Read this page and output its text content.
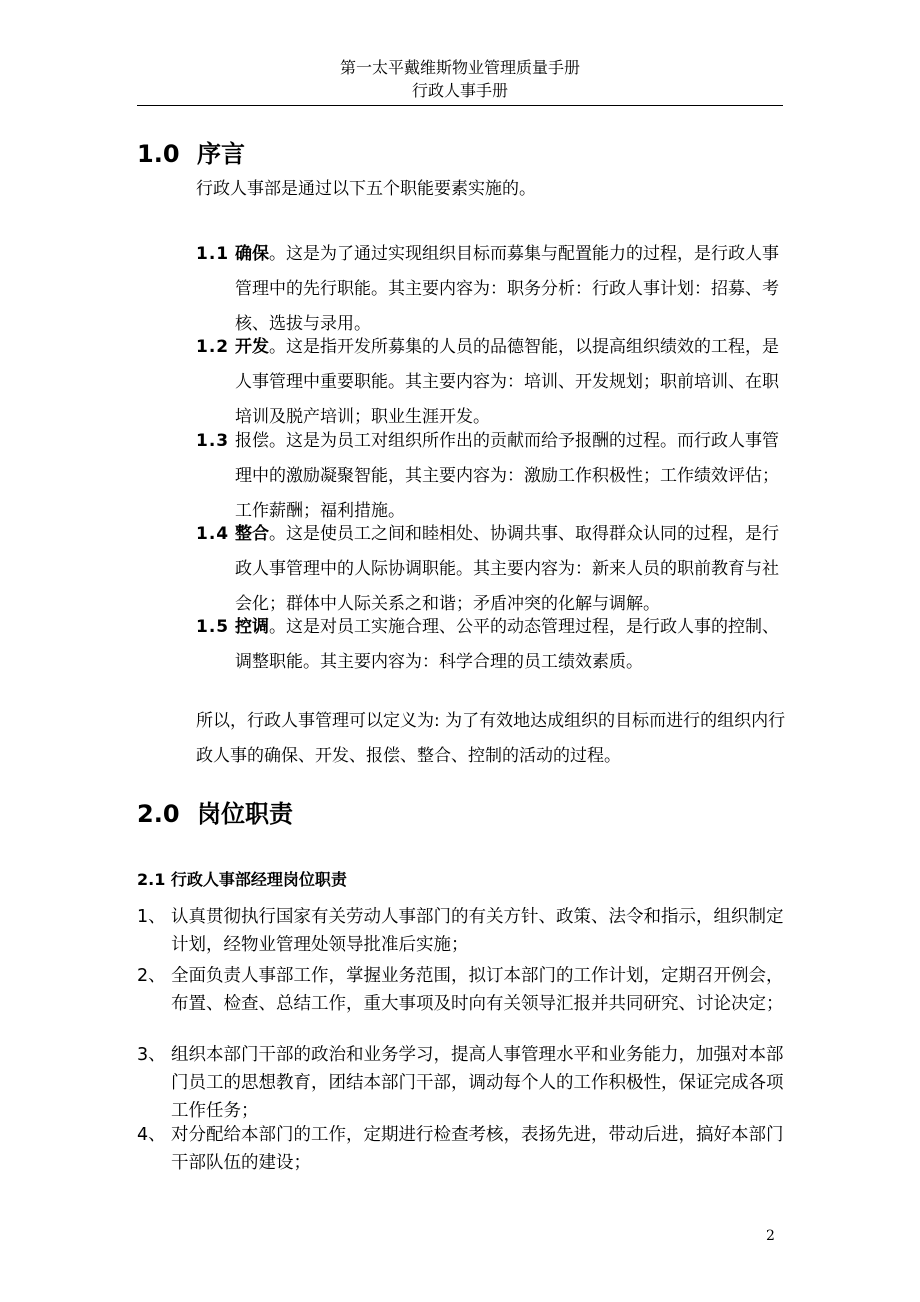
第一太平戴维斯物业管理质量手册
行政人事手册
1.0 序言
行政人事部是通过以下五个职能要素实施的。
1.1 确保。这是为了通过实现组织目标而募集与配置能力的过程，是行政人事管理中的先行职能。其主要内容为：职务分析：行政人事计划：招募、考核、选拔与录用。
1.2 开发。这是指开发所募集的人员的品德智能，以提高组织绩效的工程，是人事管理中重要职能。其主要内容为：培训、开发规划；职前培训、在职培训及脱产培训；职业生涯开发。
1.3 报偿。这是为员工对组织所作出的贡献而给予报酬的过程。而行政人事管理中的激励凝聚智能，其主要内容为：激励工作积极性；工作绩效评估；工作薪酬；福利措施。
1.4 整合。这是使员工之间和睦相处、协调共事、取得群众认同的过程，是行政人事管理中的人际协调职能。其主要内容为：新来人员的职前教育与社会化；群体中人际关系之和谐；矛盾冲突的化解与调解。
1.5 控调。这是对员工实施合理、公平的动态管理过程，是行政人事的控制、调整职能。其主要内容为：科学合理的员工绩效素质。
所以，行政人事管理可以定义为: 为了有效地达成组织的目标而进行的组织内行政人事的确保、开发、报偿、整合、控制的活动的过程。
2.0 岗位职责
2.1 行政人事部经理岗位职责
1、 认真贯彻执行国家有关劳动人事部门的有关方针、政策、法令和指示，组织制定计划，经物业管理处领导批准后实施；
2、 全面负责人事部工作，掌握业务范围，拟订本部门的工作计划，定期召开例会，布置、检查、总结工作，重大事项及时向有关领导汇报并共同研究、讨论决定；
3、 组织本部门干部的政治和业务学习，提高人事管理水平和业务能力，加强对本部门员工的思想教育，团结本部门干部，调动每个人的工作积极性，保证完成各项工作任务；
4、 对分配给本部门的工作，定期进行检查考核，表扬先进，带动后进，搞好本部门干部队伍的建设；
2
